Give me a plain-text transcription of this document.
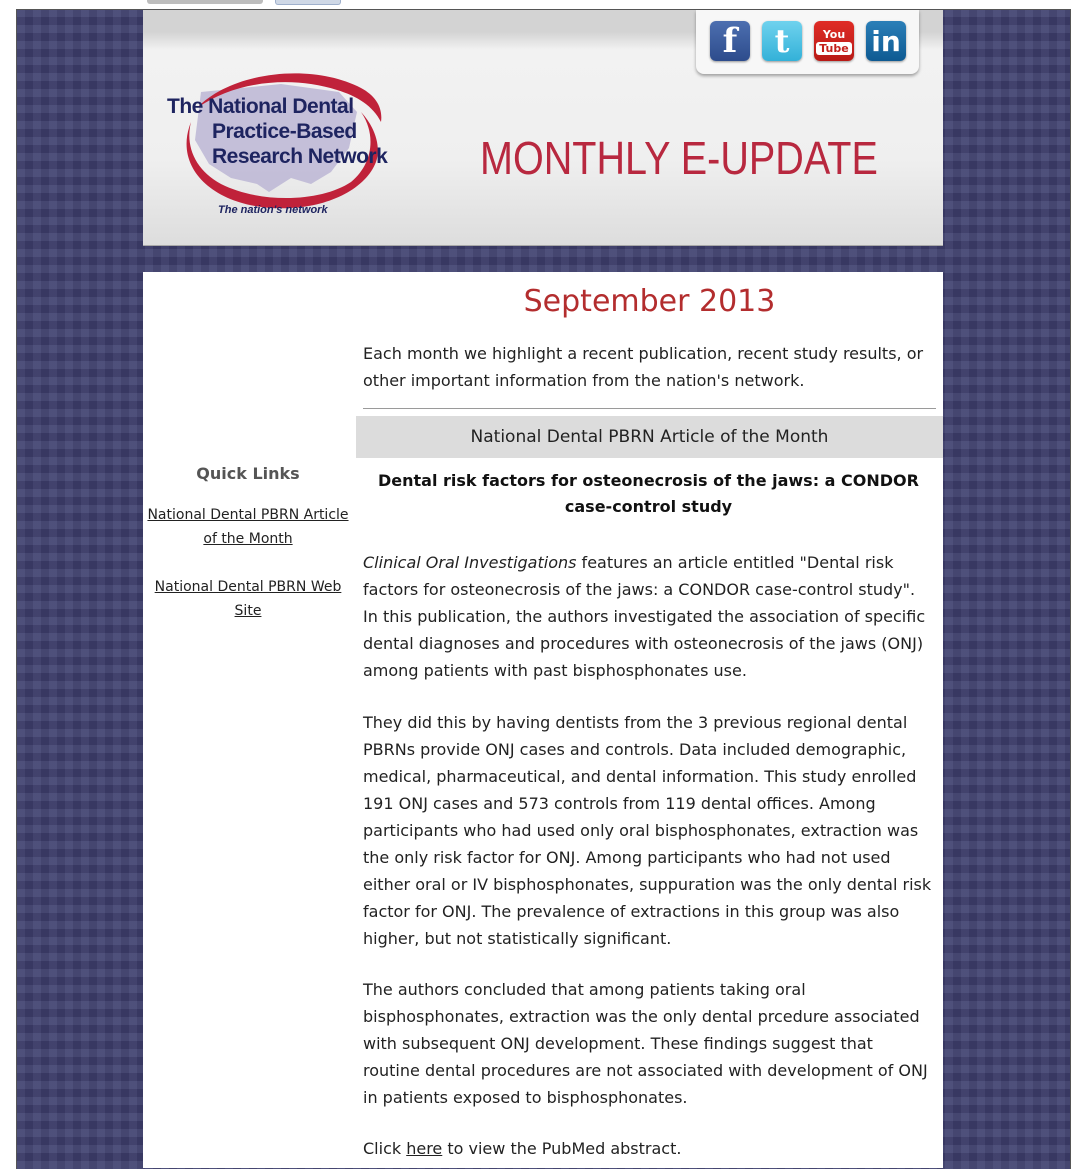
f	t	You
Tube in
The National Dental
Practice-Based
Research Network
The nation's network
MONTHLY E-UPDATE
Quick Links
National Dental PBRN Article of the Month
National Dental PBRN Web Site
September 2013
Each month we highlight a recent publication, recent study results, or other important information from the nation's network.
National Dental PBRN Article of the Month
Dental risk factors for osteonecrosis of the jaws: a CONDOR case-control study
Clinical Oral Investigations features an article entitled "Dental risk factors for osteonecrosis of the jaws: a CONDOR case-control study". In this publication, the authors investigated the association of specific dental diagnoses and procedures with osteonecrosis of the jaws (ONJ) among patients with past bisphosphonates use.
They did this by having dentists from the 3 previous regional dental PBRNs provide ONJ cases and controls. Data included demographic, medical, pharmaceutical, and dental information. This study enrolled 191 ONJ cases and 573 controls from 119 dental offices. Among participants who had used only oral bisphosphonates, extraction was the only risk factor for ONJ. Among participants who had not used either oral or IV bisphosphonates, suppuration was the only dental risk factor for ONJ. The prevalence of extractions in this group was also higher, but not statistically significant.
The authors concluded that among patients taking oral bisphosphonates, extraction was the only dental prcedure associated with subsequent ONJ development. These findings suggest that routine dental procedures are not associated with development of ONJ in patients exposed to bisphosphonates.
Click here to view the PubMed abstract.
